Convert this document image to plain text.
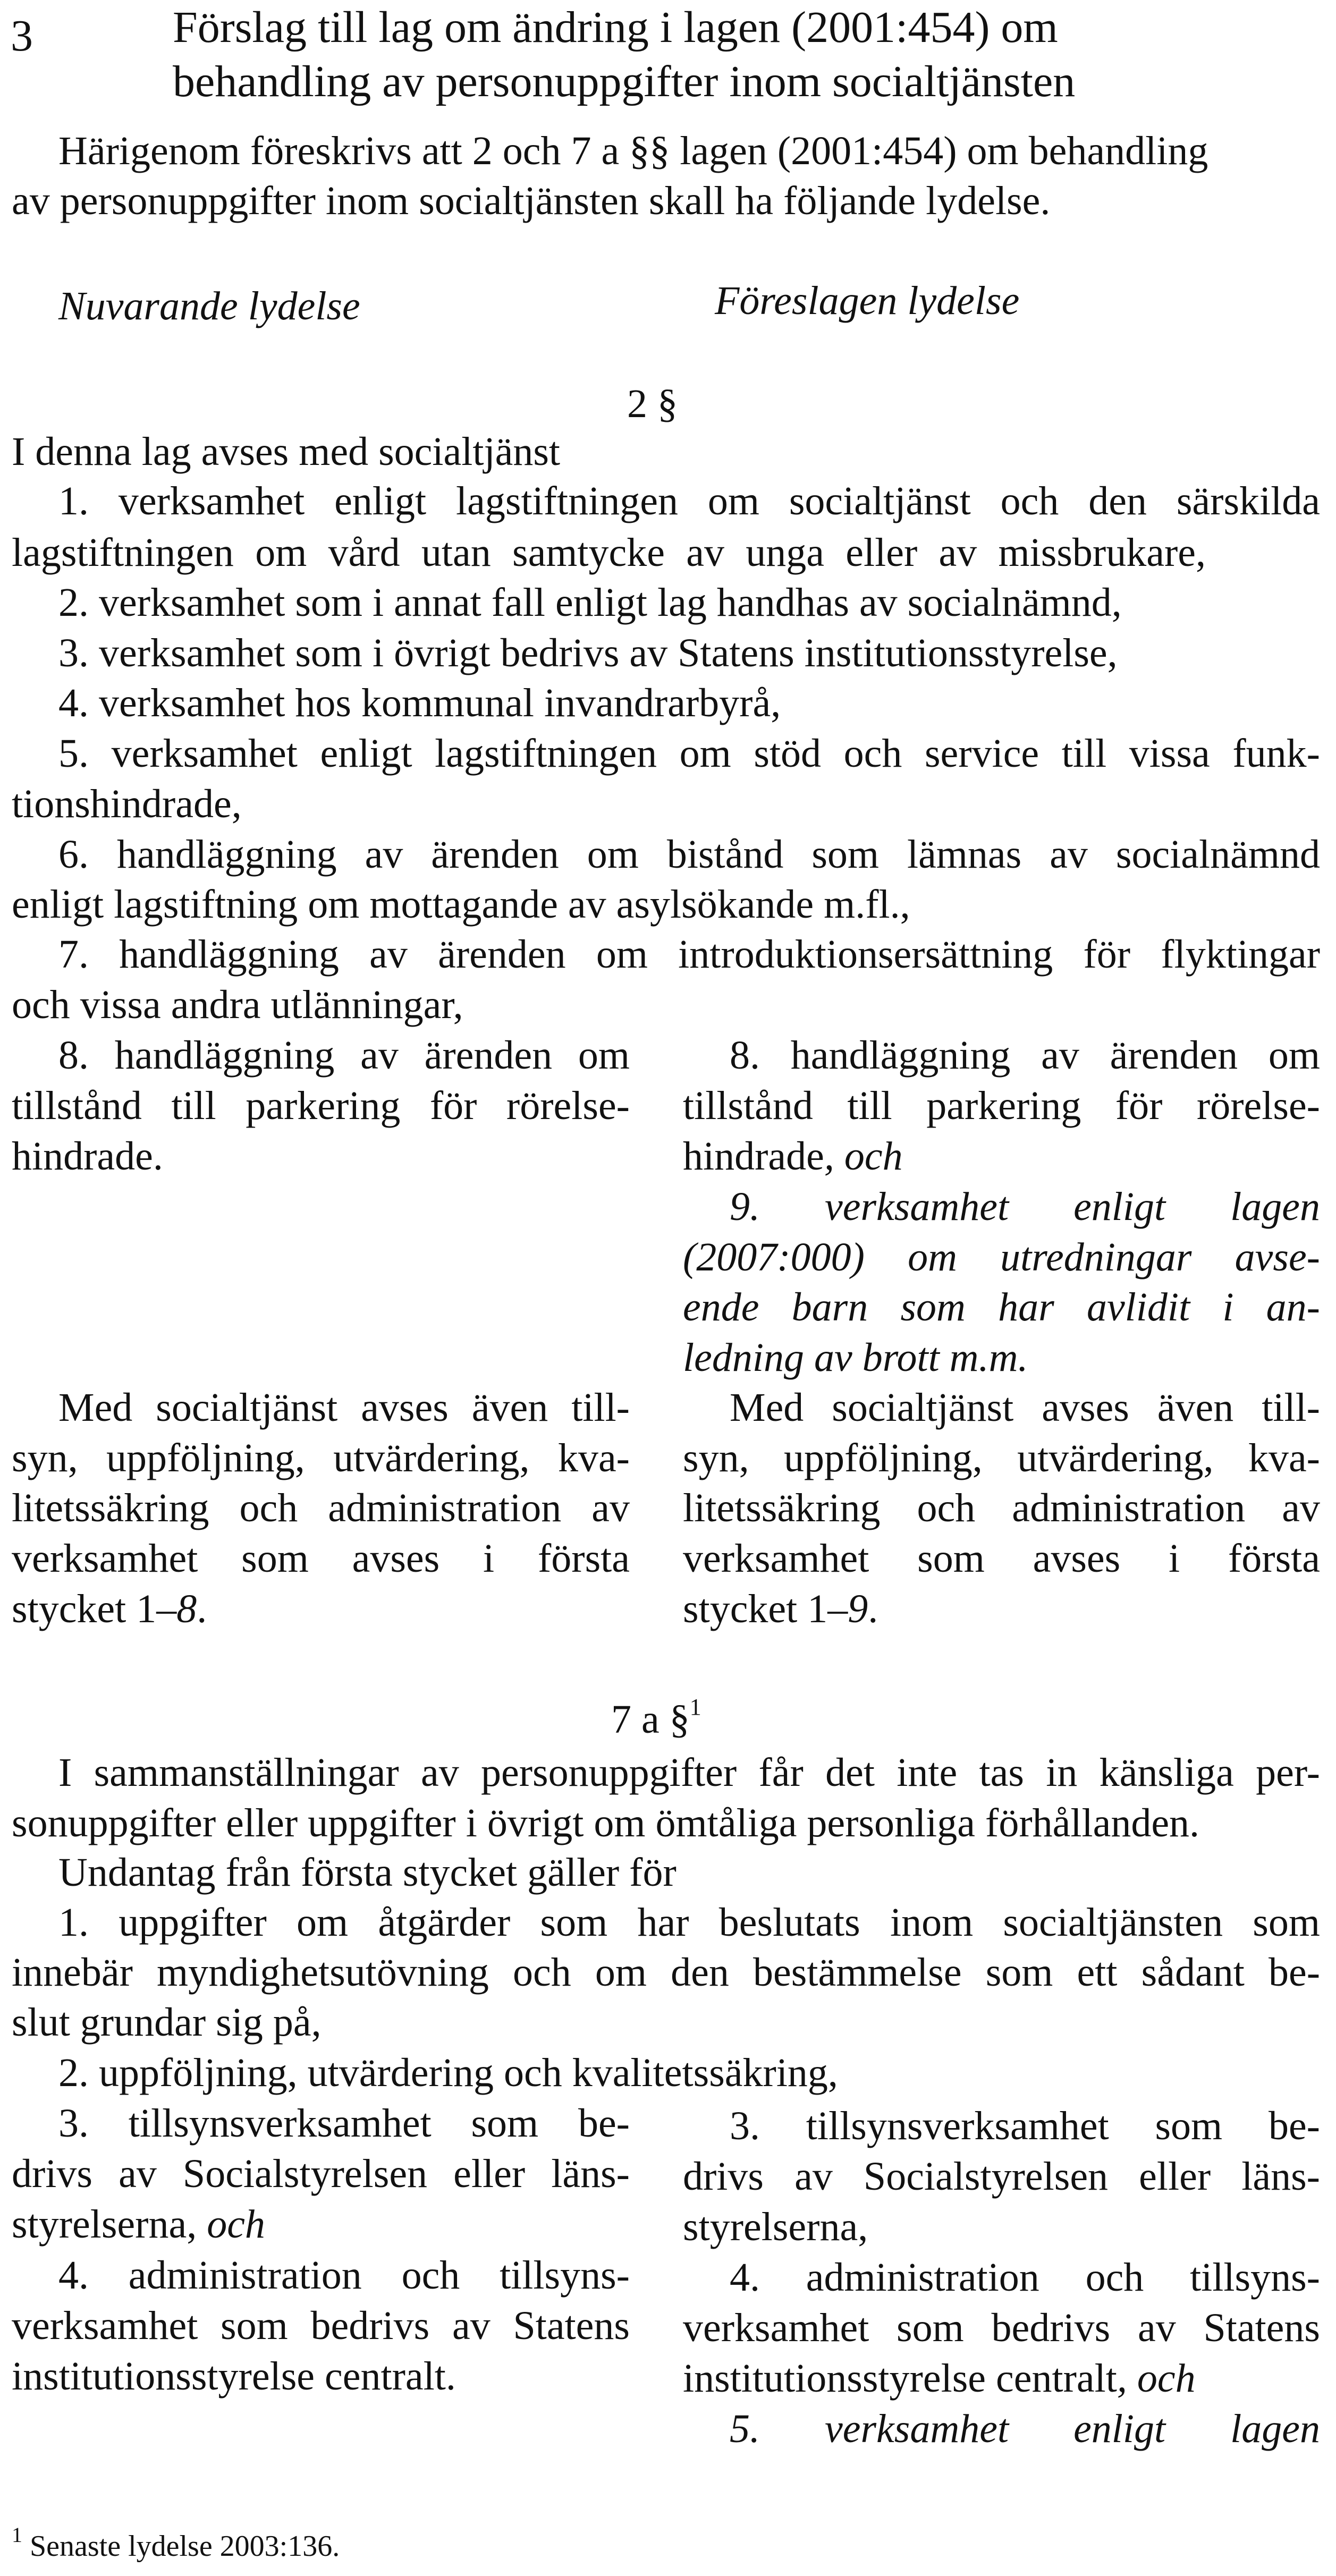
3	Förslag till lag om ändring i lagen (2001:454) om
behandling av personuppgifter inom socialtjänsten
Härigenom föreskrivs att 2 och 7 a §§ lagen (2001:454) om behandling
av personuppgifter inom socialtjänsten skall ha följande lydelse.
Nuvarande lydelse	Föreslagen lydelse
2 §
I denna lag avses med socialtjänst
1. verksamhet enligt lagstiftningen om socialtjänst och den särskilda
lagstiftningen om vård utan samtycke av unga eller av missbrukare,
2. verksamhet som i annat fall enligt lag handhas av socialnämnd,
3. verksamhet som i övrigt bedrivs av Statens institutionsstyrelse,
4. verksamhet hos kommunal invandrarbyrå,
5. verksamhet enligt lagstiftningen om stöd och service till vissa funk-
tionshindrade,
6. handläggning av ärenden om bistånd som lämnas av socialnämnd
enligt lagstiftning om mottagande av asylsökande m.fl.,
7. handläggning av ärenden om introduktionsersättning för flyktingar
och vissa andra utlänningar,
8. handläggning av ärenden om
tillstånd till parkering för rörelse-
hindrade.
Med socialtjänst avses även till-
syn, uppföljning, utvärdering, kva-
litetssäkring och administration av
verksamhet som avses i första
stycket 1–8.
8. handläggning av ärenden om
tillstånd till parkering för rörelse-
hindrade, och
9. verksamhet enligt lagen
(2007:000) om utredningar avse-
ende barn som har avlidit i an-
ledning av brott m.m.
Med socialtjänst avses även till-
syn, uppföljning, utvärdering, kva-
litetssäkring och administration av
verksamhet som avses i första
stycket 1–9.
7 a §$^1$
I sammanställningar av personuppgifter får det inte tas in känsliga per-
sonuppgifter eller uppgifter i övrigt om ömtåliga personliga förhållanden.
Undantag från första stycket gäller för
1. uppgifter om åtgärder som har beslutats inom socialtjänsten som
innebär myndighetsutövning och om den bestämmelse som ett sådant be-
slut grundar sig på,
2. uppföljning, utvärdering och kvalitetssäkring,
3. tillsynsverksamhet som be-
drivs av Socialstyrelsen eller läns-
styrelserna, och
4. administration och tillsyns-
verksamhet som bedrivs av Statens
institutionsstyrelse centralt.
3. tillsynsverksamhet som be-
drivs av Socialstyrelsen eller läns-
styrelserna,
4. administration och tillsyns-
verksamhet som bedrivs av Statens
institutionsstyrelse centralt, och
5. verksamhet enligt lagen
$^1$ Senaste lydelse 2003:136.
